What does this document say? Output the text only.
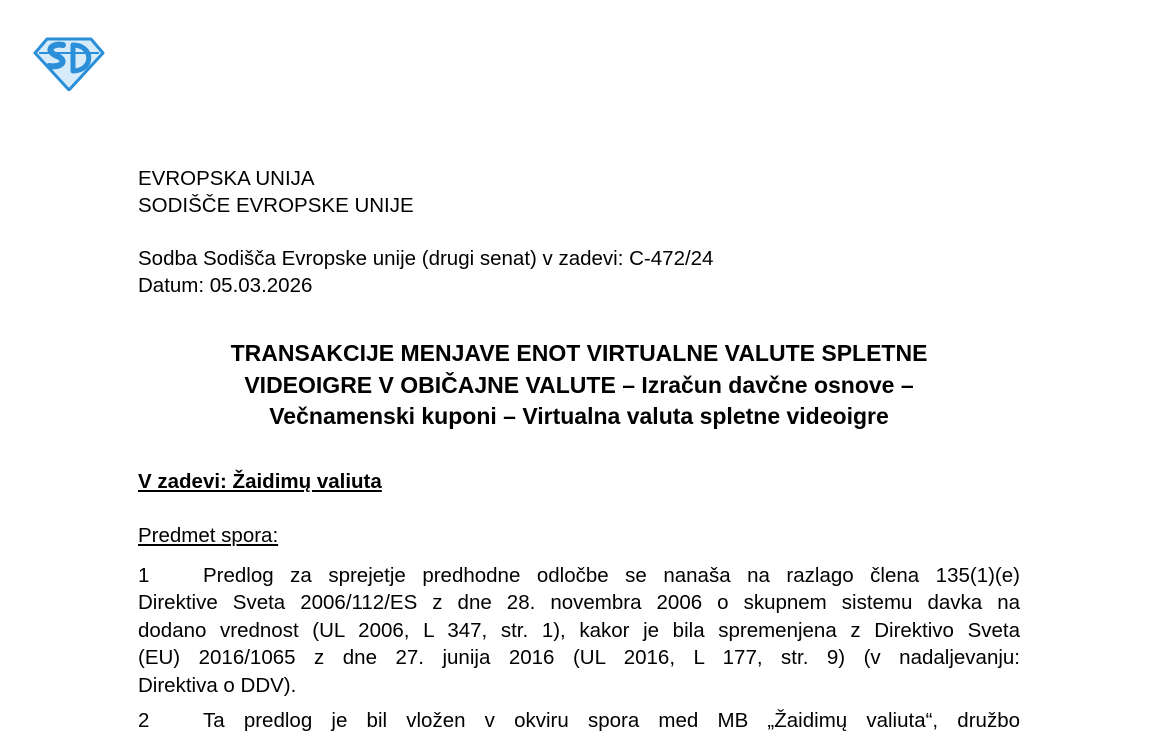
EVROPSKA UNIJA
SODIŠČE EVROPSKE UNIJE
Sodba Sodišča Evropske unije (drugi senat) v zadevi: C-472/24
Datum: 05.03.2026
TRANSAKCIJE MENJAVE ENOT VIRTUALNE VALUTE SPLETNE
VIDEOIGRE V OBIČAJNE VALUTE – Izračun davčne osnove –
Večnamenski kuponi – Virtualna valuta spletne videoigre
V zadevi: Žaidimų valiuta
Predmet spora:
1	Predlog za sprejetje predhodne odločbe se nanaša na razlago člena 135(1)(e)
Direktive Sveta 2006/112/ES z dne 28. novembra 2006 o skupnem sistemu davka na
dodano vrednost (UL 2006, L 347, str. 1), kakor je bila spremenjena z Direktivo Sveta
(EU) 2016/1065 z dne 27. junija 2016 (UL 2016, L 177, str. 9) (v nadaljevanju:
Direktiva o DDV).
2	Ta predlog je bil vložen v okviru spora med MB „Žaidimų valiuta“, družbo
